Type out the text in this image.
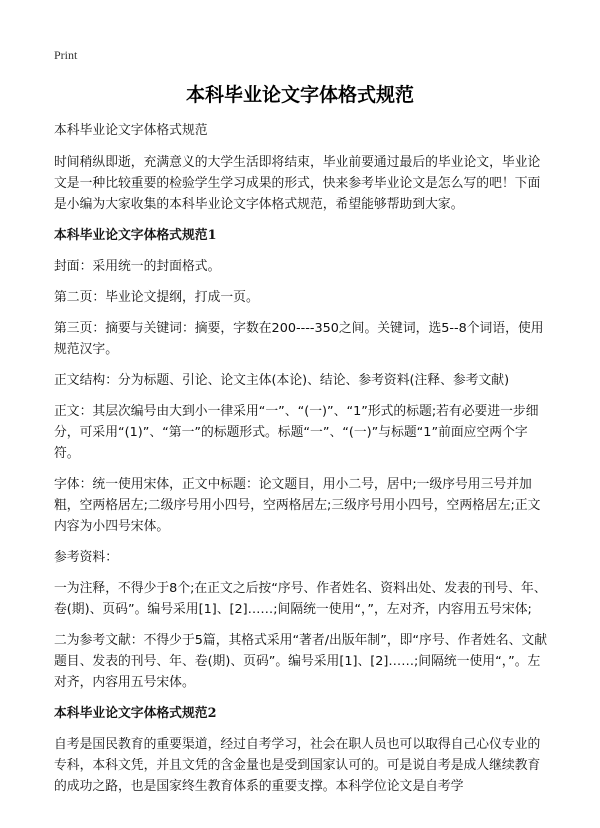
Print
本科毕业论文字体格式规范

本科毕业论文字体格式规范

时间稍纵即逝，充满意义的大学生活即将结束，毕业前要通过最后的毕业论文，毕业论文是一种比较重要的检验学生学习成果的形式，快来参考毕业论文是怎么写的吧！下面是小编为大家收集的本科毕业论文字体格式规范，希望能够帮助到大家。

本科毕业论文字体格式规范1

封面：采用统一的封面格式。

第二页：毕业论文提纲，打成一页。

第三页：摘要与关键词：摘要，字数在200----350之间。关键词，选5--8个词语，使用规范汉字。

正文结构：分为标题、引论、论文主体(本论)、结论、参考资料(注释、参考文献)

正文：其层次编号由大到小一律采用“一”、“(一)”、“1”形式的标题;若有必要进一步细分，可采用“(1)”、“第一”的标题形式。标题“一”、“(一)”与标题“1”前面应空两个字符。

字体：统一使用宋体，正文中标题：论文题目，用小二号，居中;一级序号用三号并加粗，空两格居左;二级序号用小四号，空两格居左;三级序号用小四号，空两格居左;正文内容为小四号宋体。

参考资料：

一为注释，不得少于8个;在正文之后按“序号、作者姓名、资料出处、发表的刊号、年、卷(期)、页码”。编号采用[1]、[2]……;间隔统一使用“，”，左对齐，内容用五号宋体;

二为参考文献：不得少于5篇，其格式采用“著者/出版年制”，即“序号、作者姓名、文献题目、发表的刊号、年、卷(期)、页码”。编号采用[1]、[2]……;间隔统一使用“，”。左对齐，内容用五号宋体。

本科毕业论文字体格式规范2

自考是国民教育的重要渠道，经过自考学习，社会在职人员也可以取得自己心仪专业的专科，本科文凭，并且文凭的含金量也是受到国家认可的。可是说自考是成人继续教育的成功之路，也是国家终生教育体系的重要支撑。本科学位论文是自考学
